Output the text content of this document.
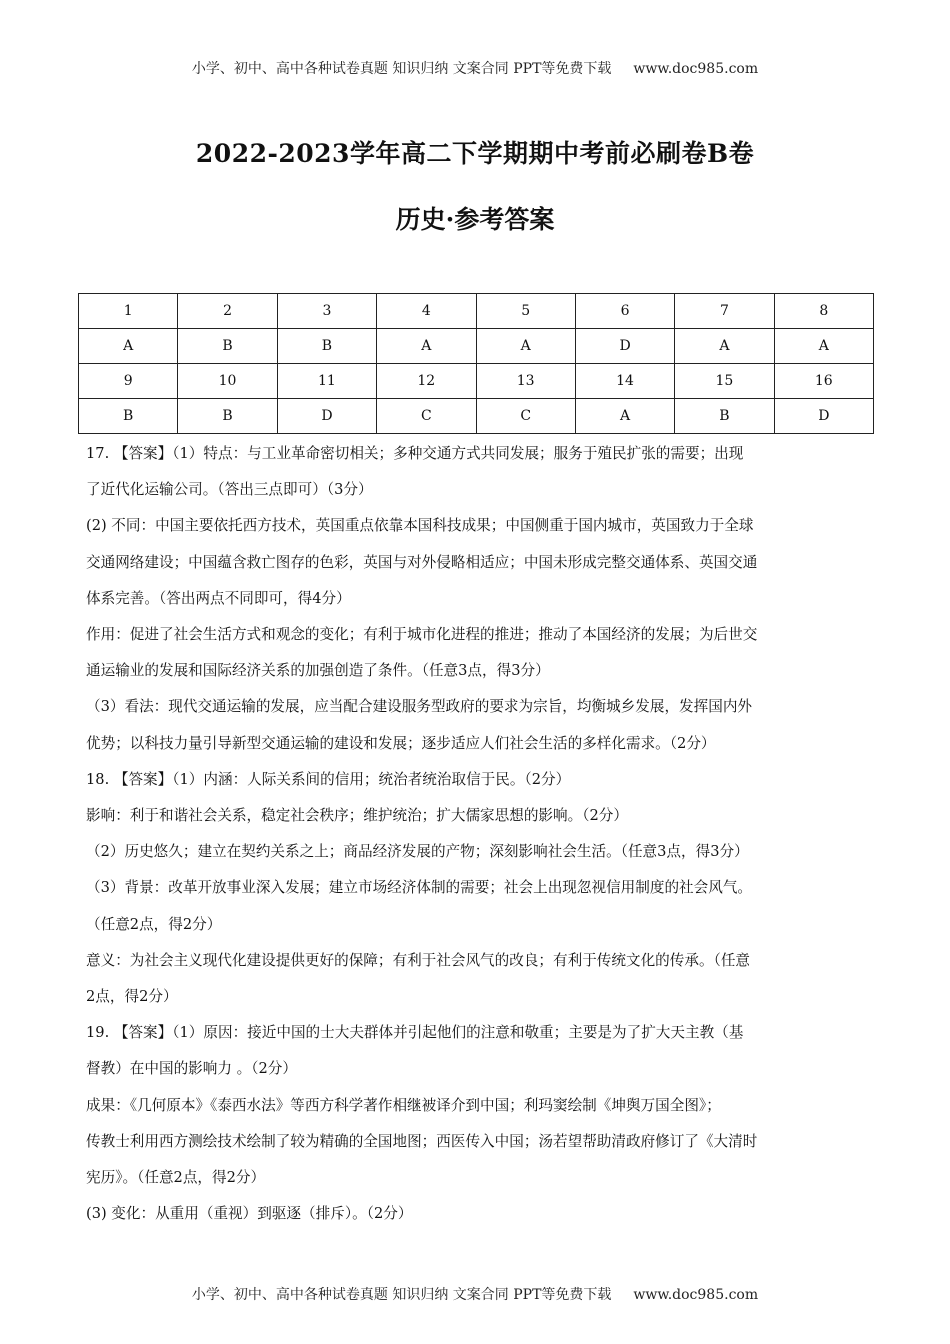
小学、初中、高中各种试卷真题 知识归纳 文案合同 PPT等免费下载 www.doc985.com
2022-2023学年高二下学期期中考前必刷卷B卷
历史·参考答案
1	2	3	4	5	6	7	8
A	B	B	A	A	D	A	A
9	10	11	12	13	14	15	16
B	B	D	C	C	A	B	D

17. 【答案】（1）特点：与工业革命密切相关；多种交通方式共同发展；服务于殖民扩张的需要；出现

了近代化运输公司。（答出三点即可）（3分）

(2) 不同：中国主要依托西方技术，英国重点依靠本国科技成果；中国侧重于国内城市，英国致力于全球

交通网络建设；中国蕴含救亡图存的色彩，英国与对外侵略相适应；中国未形成完整交通体系、英国交通

体系完善。（答出两点不同即可，得4分）

作用：促进了社会生活方式和观念的变化；有利于城市化进程的推进；推动了本国经济的发展；为后世交

通运输业的发展和国际经济关系的加强创造了条件。（任意3点，得3分）

（3）看法：现代交通运输的发展，应当配合建设服务型政府的要求为宗旨，均衡城乡发展，发挥国内外

优势；以科技力量引导新型交通运输的建设和发展；逐步适应人们社会生活的多样化需求。（2分）

18. 【答案】（1）内涵：人际关系间的信用；统治者统治取信于民。（2分）

影响：利于和谐社会关系，稳定社会秩序；维护统治；扩大儒家思想的影响。（2分）

（2）历史悠久；建立在契约关系之上；商品经济发展的产物；深刻影响社会生活。（任意3点，得3分）

（3）背景：改革开放事业深入发展；建立市场经济体制的需要；社会上出现忽视信用制度的社会风气。

（任意2点，得2分）

意义：为社会主义现代化建设提供更好的保障；有利于社会风气的改良；有利于传统文化的传承。（任意

2点，得2分）

19. 【答案】（1）原因：接近中国的士大夫群体并引起他们的注意和敬重；主要是为了扩大天主教（基

督教）在中国的影响力 。（2分）

成果：《几何原本》《泰西水法》等西方科学著作相继被译介到中国；利玛窦绘制《坤舆万国全图》；

传教士利用西方测绘技术绘制了较为精确的全国地图；西医传入中国；汤若望帮助清政府修订了《大清时

宪历》。（任意2点，得2分）

(3) 变化：从重用（重视）到驱逐（排斥）。（2分）

小学、初中、高中各种试卷真题 知识归纳 文案合同 PPT等免费下载 www.doc985.com
